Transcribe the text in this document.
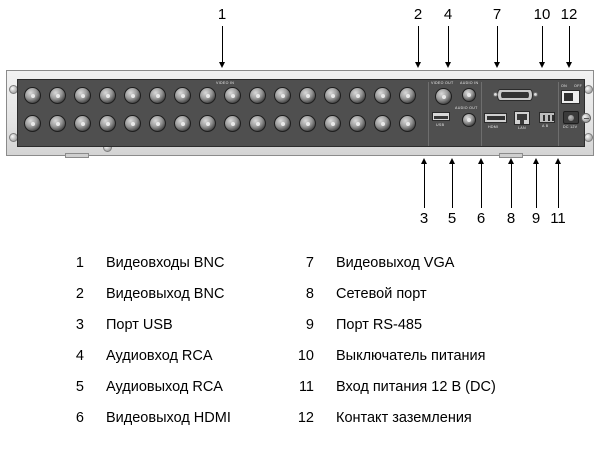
1	2	4	7	10 12
VIDEO IN	VIDEO OUT AUDIO IN
USB
AUDIO OUT
HDMI	LAN	A B
ON OFF
DC 12V
3	5	6	8	9 11
1 Видеовходы BNC
2 Видеовыход BNC
3 Порт USB
4 Аудиовход RCA
5 Аудиовыход RCA
6 Видеовыход HDMI
7 Видеовыход VGA
8 Сетевой порт
9 Порт RS-485
10 Выключатель питания
11 Вход питания 12 В (DC)
12 Контакт заземления
